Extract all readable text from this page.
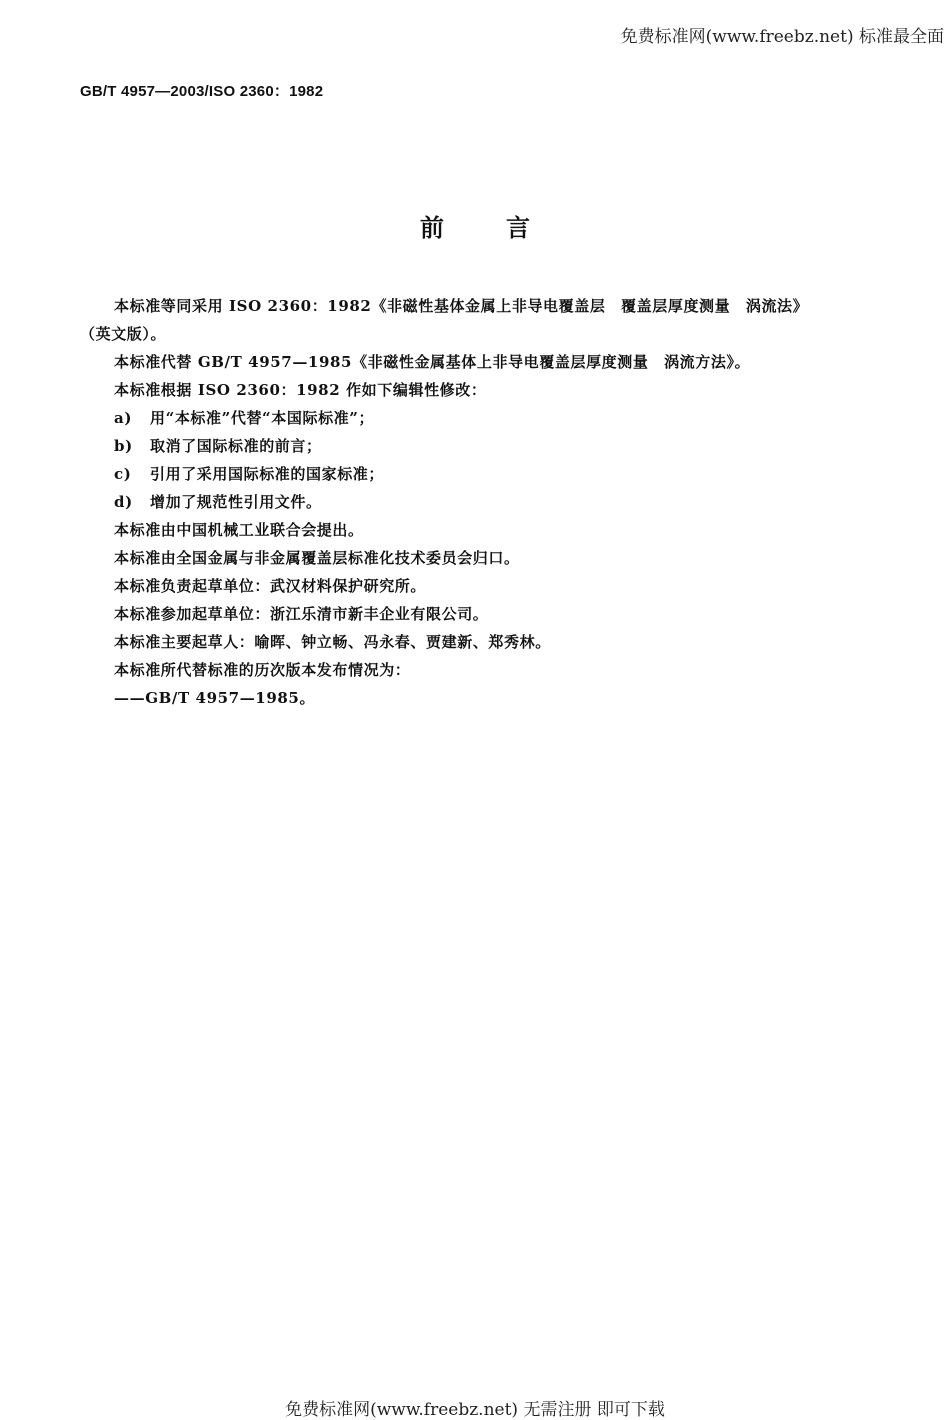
免费标准网(www.freebz.net) 标准最全面
GB/T 4957—2003/ISO 2360：1982
前	言
本标准等同采用 ISO 2360：1982《非磁性基体金属上非导电覆盖层　覆盖层厚度测量　涡流法》
（英文版）。
本标准代替 GB/T 4957—1985《非磁性金属基体上非导电覆盖层厚度测量　涡流方法》。
本标准根据 ISO 2360：1982 作如下编辑性修改：
a) 用“本标准”代替“本国际标准”；
b) 取消了国际标准的前言；
c) 引用了采用国际标准的国家标准；
d) 增加了规范性引用文件。
本标准由中国机械工业联合会提出。
本标准由全国金属与非金属覆盖层标准化技术委员会归口。
本标准负责起草单位：武汉材料保护研究所。
本标准参加起草单位：浙江乐清市新丰企业有限公司。
本标准主要起草人：喻晖、钟立畅、冯永春、贾建新、郑秀林。
本标准所代替标准的历次版本发布情况为：
——GB/T 4957—1985。
免费标准网(www.freebz.net) 无需注册 即可下载
